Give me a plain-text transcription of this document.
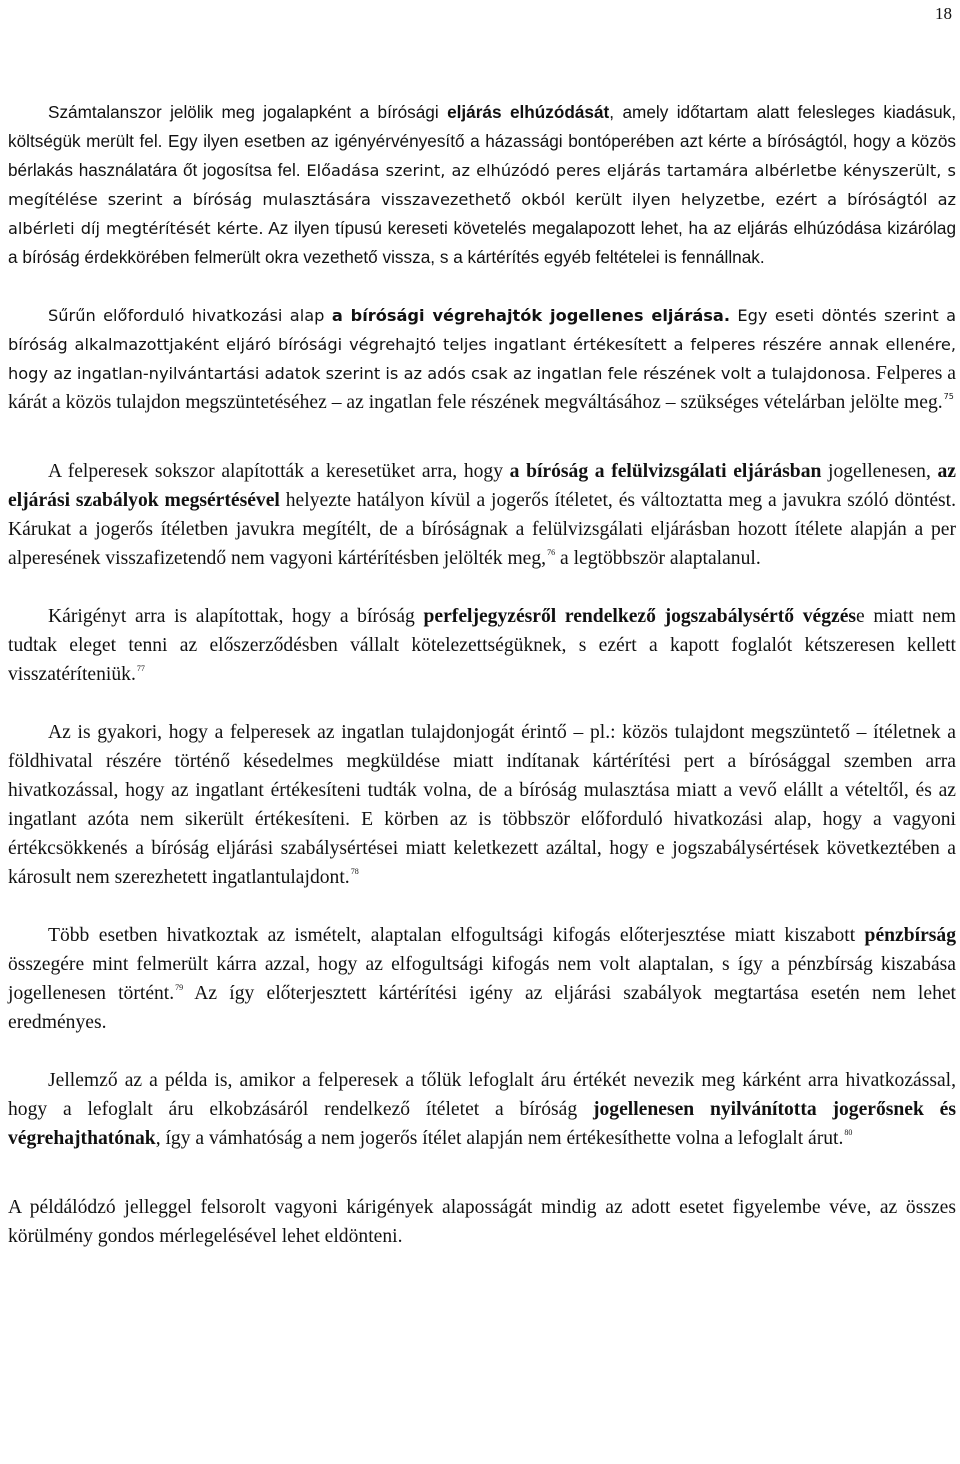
18

Számtalanszor jelölik meg jogalapként a bírósági eljárás elhúzódását, amely időtartam alatt felesleges kiadásuk, költségük merült fel. Egy ilyen esetben az igényérvényesítő a házassági bontóperében azt kérte a bíróságtól, hogy a közös bérlakás használatára őt jogosítsa fel. Előadása szerint, az elhúzódó peres eljárás tartamára albérletbe kényszerült, s megítélése szerint a bíróság mulasztására visszavezethető okból került ilyen helyzetbe, ezért a bíróságtól az albérleti díj megtérítését kérte. Az ilyen típusú kereseti követelés megalapozott lehet, ha az eljárás elhúzódása kizárólag a bíróság érdekkörében felmerült okra vezethető vissza, s a kártérítés egyéb feltételei is fennállnak.

Sűrűn előforduló hivatkozási alap a bírósági végrehajtók jogellenes eljárása. Egy eseti döntés szerint a bíróság alkalmazottjaként eljáró bírósági végrehajtó teljes ingatlant értékesített a felperes részére annak ellenére, hogy az ingatlan-nyilvántartási adatok szerint is az adós csak az ingatlan fele részének volt a tulajdonosa. Felperes a kárát a közös tulajdon megszüntetéséhez – az ingatlan fele részének megváltásához – szükséges vételárban jelölte meg.$^{75}$

A felperesek sokszor alapították a keresetüket arra, hogy a bíróság a felülvizsgálati eljárásban jogellenesen, az eljárási szabályok megsértésével helyezte hatályon kívül a jogerős ítéletet, és változtatta meg a javukra szóló döntést. Kárukat a jogerős ítéletben javukra megítélt, de a bíróságnak a felülvizsgálati eljárásban hozott ítélete alapján a per alperesének visszafizetendő nem vagyoni kártérítésben jelölték meg,$^{76}$ a legtöbbször alaptalanul.

Kárigényt arra is alapítottak, hogy a bíróság perfeljegyzésről rendelkező jogszabálysértő végzése miatt nem tudtak eleget tenni az előszerződésben vállalt kötelezettségüknek, s ezért a kapott foglalót kétszeresen kellett visszatéríteniük.$^{77}$

Az is gyakori, hogy a felperesek az ingatlan tulajdonjogát érintő – pl.: közös tulajdont megszüntető – ítéletnek a földhivatal részére történő késedelmes megküldése miatt indítanak kártérítési pert a bírósággal szemben arra hivatkozással, hogy az ingatlant értékesíteni tudták volna, de a bíróság mulasztása miatt a vevő elállt a vételtől, és az ingatlant azóta nem sikerült értékesíteni. E körben az is többször előforduló hivatkozási alap, hogy a vagyoni értékcsökkenés a bíróság eljárási szabálysértései miatt keletkezett azáltal, hogy e jogszabálysértések következtében a károsult nem szerezhetett ingatlantulajdont.$^{78}$

Több esetben hivatkoztak az ismételt, alaptalan elfogultsági kifogás előterjesztése miatt kiszabott pénzbírság összegére mint felmerült kárra azzal, hogy az elfogultsági kifogás nem volt alaptalan, s így a pénzbírság kiszabása jogellenesen történt.$^{79}$ Az így előterjesztett kártérítési igény az eljárási szabályok megtartása esetén nem lehet eredményes.

Jellemző az a példa is, amikor a felperesek a tőlük lefoglalt áru értékét nevezik meg kárként arra hivatkozással, hogy a lefoglalt áru elkobzásáról rendelkező ítéletet a bíróság jogellenesen nyilvánította jogerősnek és végrehajthatónak, így a vámhatóság a nem jogerős ítélet alapján nem értékesíthette volna a lefoglalt árut.$^{80}$

A példálódzó jelleggel felsorolt vagyoni kárigények alaposságát mindig az adott esetet figyelembe véve, az összes körülmény gondos mérlegelésével lehet eldönteni.
